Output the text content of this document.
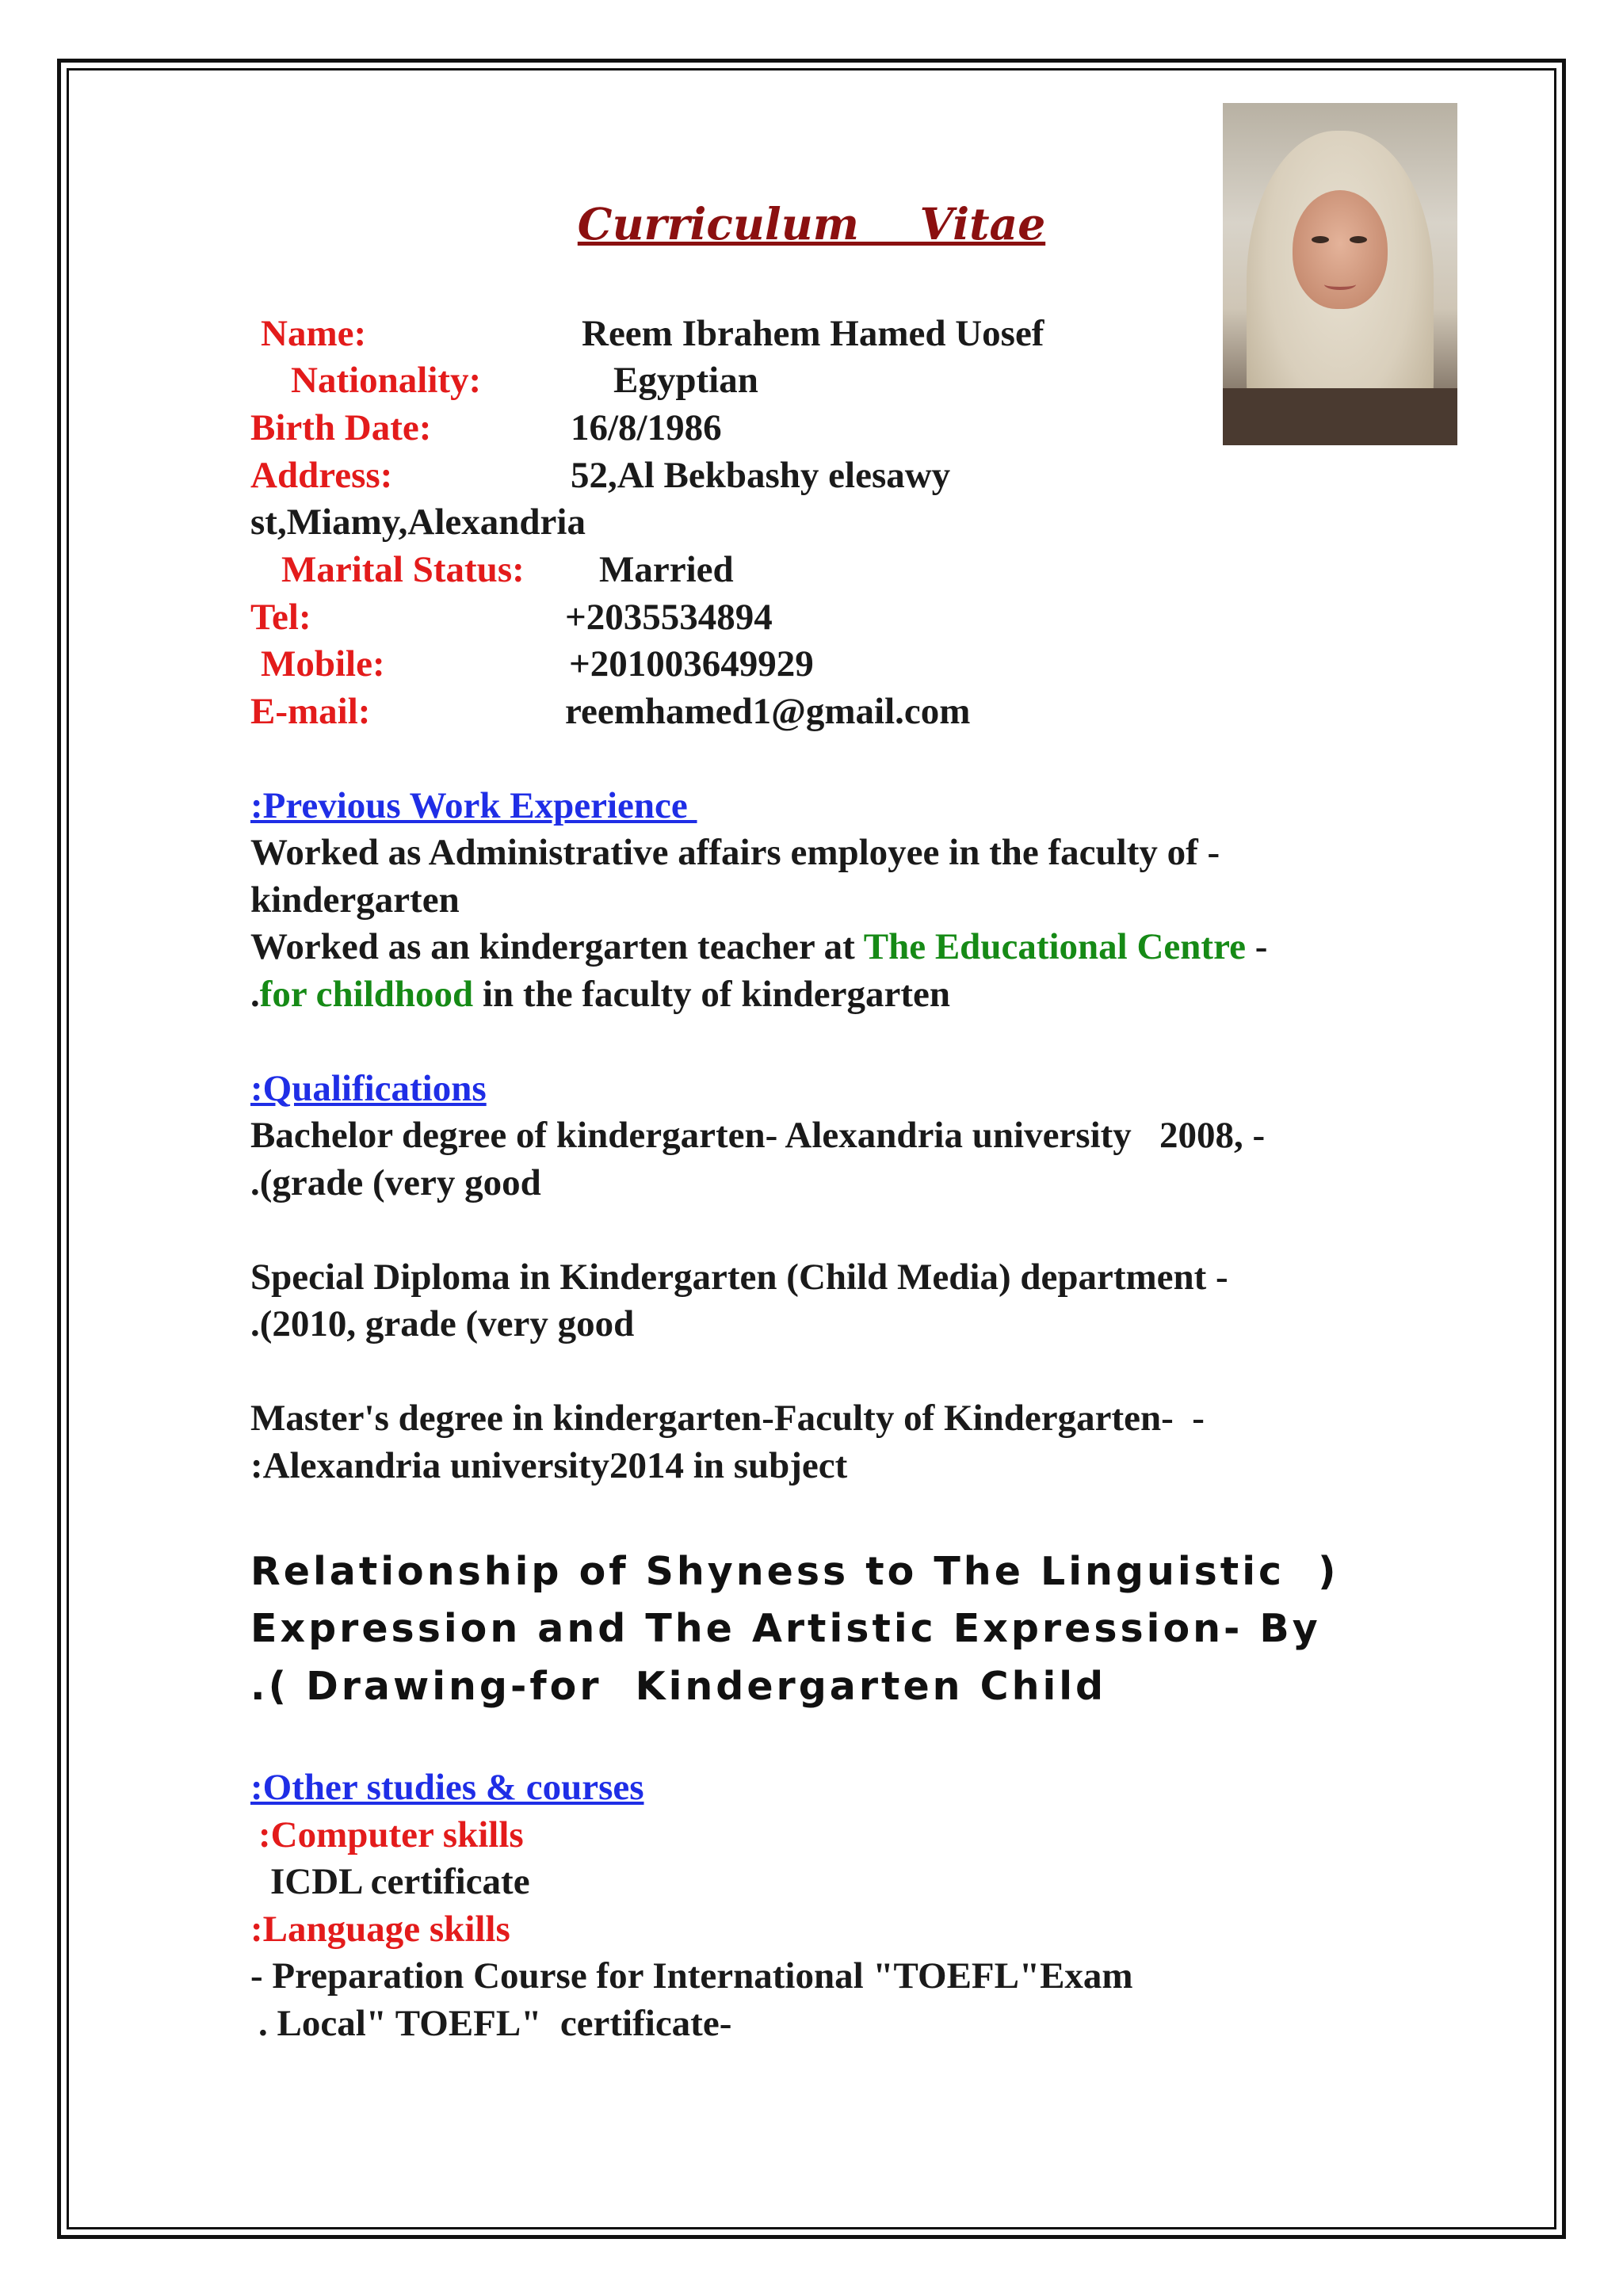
Curriculum    Vitae
Name:	Reem Ibrahem Hamed Uosef
Nationality:	Egyptian
Birth Date:	16/8/1986
Address:	52,Al Bekbashy elesawy
st,Miamy,Alexandria
Marital Status: Married
Tel:	+2035534894
Mobile:	+201003649929
E-mail:	reemhamed1@gmail.com
:Previous Work Experience
Worked as Administrative affairs employee in the faculty of -
kindergarten
Worked as an kindergarten teacher at The Educational Centre -
.for childhood in the faculty of kindergarten
:Qualifications
Bachelor degree of kindergarten- Alexandria university   2008, -
.(grade (very good
Special Diploma in Kindergarten (Child Media) department -
.(2010, grade (very good
Master's degree in kindergarten-Faculty of Kindergarten-  -
:Alexandria university2014 in subject
Relationship of Shyness to The Linguistic  )
Expression and The Artistic Expression- By
.( Drawing-for  Kindergarten Child
:Other studies & courses
:Computer skills
ICDL certificate
:Language skills
- Preparation Course for International "TOEFL"Exam
. Local" TOEFL"  certificate-
